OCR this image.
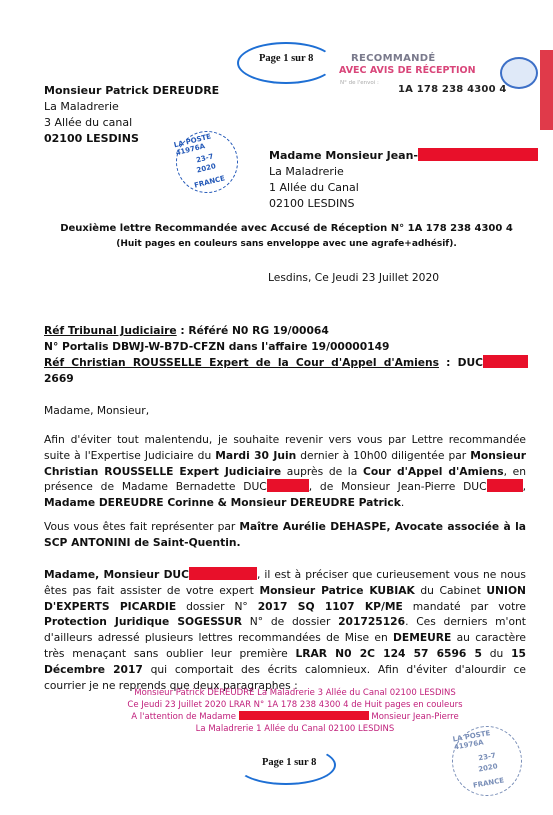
Page 1 sur 8	RECOMMANDÉ
AVEC AVIS DE RÉCEPTION
N° de l'envoi :
1A 178 238 4300 4
Monsieur Patrick DEREUDRE
La Maladrerie
3 Allée du canal
02100 LESDINS	LA POSTE 41976A
23-7
2020
FRANCE
Madame Monsieur Jean-
La Maladrerie
1 Allée du Canal
02100 LESDINS
Deuxième lettre Recommandée avec Accusé de Réception N° 1A 178 238 4300 4
(Huit pages en couleurs sans enveloppe avec une agrafe+adhésif).
Lesdins, Ce Jeudi 23 Juillet 2020
Réf Tribunal Judiciaire : Référé N0 RG 19/00064
N° Portalis DBWJ-W-B7D-CFZN dans l'affaire 19/00000149
Réf Christian ROUSSELLE Expert de la Cour d'Appel d'Amiens : DUC
2669
Madame, Monsieur,
Afin d'éviter tout malentendu, je souhaite revenir vers vous par Lettre recommandée suite à l'Expertise Judiciaire du Mardi 30 Juin dernier à 10h00 diligentée par Monsieur Christian ROUSSELLE Expert Judiciaire auprès de la Cour d'Appel d'Amiens, en présence de Madame Bernadette DUC	, de Monsieur Jean-Pierre DUC	, Madame DEREUDRE Corinne & Monsieur DEREUDRE Patrick.
Vous vous êtes fait représenter par Maître Aurélie DEHASPE, Avocate associée à la SCP ANTONINI de Saint-Quentin.
Madame, Monsieur DUC	, il est à préciser que curieusement vous ne nous êtes pas fait assister de votre expert Monsieur Patrice KUBIAK du Cabinet UNION D'EXPERTS PICARDIE dossier N° 2017 SQ 1107 KP/ME mandaté par votre Protection Juridique SOGESSUR N° de dossier 201725126. Ces derniers m'ont d'ailleurs adressé plusieurs lettres recommandées de Mise en DEMEURE au caractère très menaçant sans oublier leur première LRAR N0 2C 124 57 6596 5 du 15 Décembre 2017 qui comportait des écrits calomnieux. Afin d'éviter d'alourdir ce courrier je ne reprends que deux paragraphes :
Monsieur Patrick DEREUDRE La Maladrerie 3 Allée du Canal 02100 LESDINS
Ce Jeudi 23 Juillet 2020 LRAR N° 1A 178 238 4300 4 de Huit pages en couleurs
A l'attention de Madame	Monsieur Jean-Pierre
La Maladrerie 1 Allée du Canal 02100 LESDINS
Page 1 sur 8
LA POSTE 41976A
23-7
2020
FRANCE
